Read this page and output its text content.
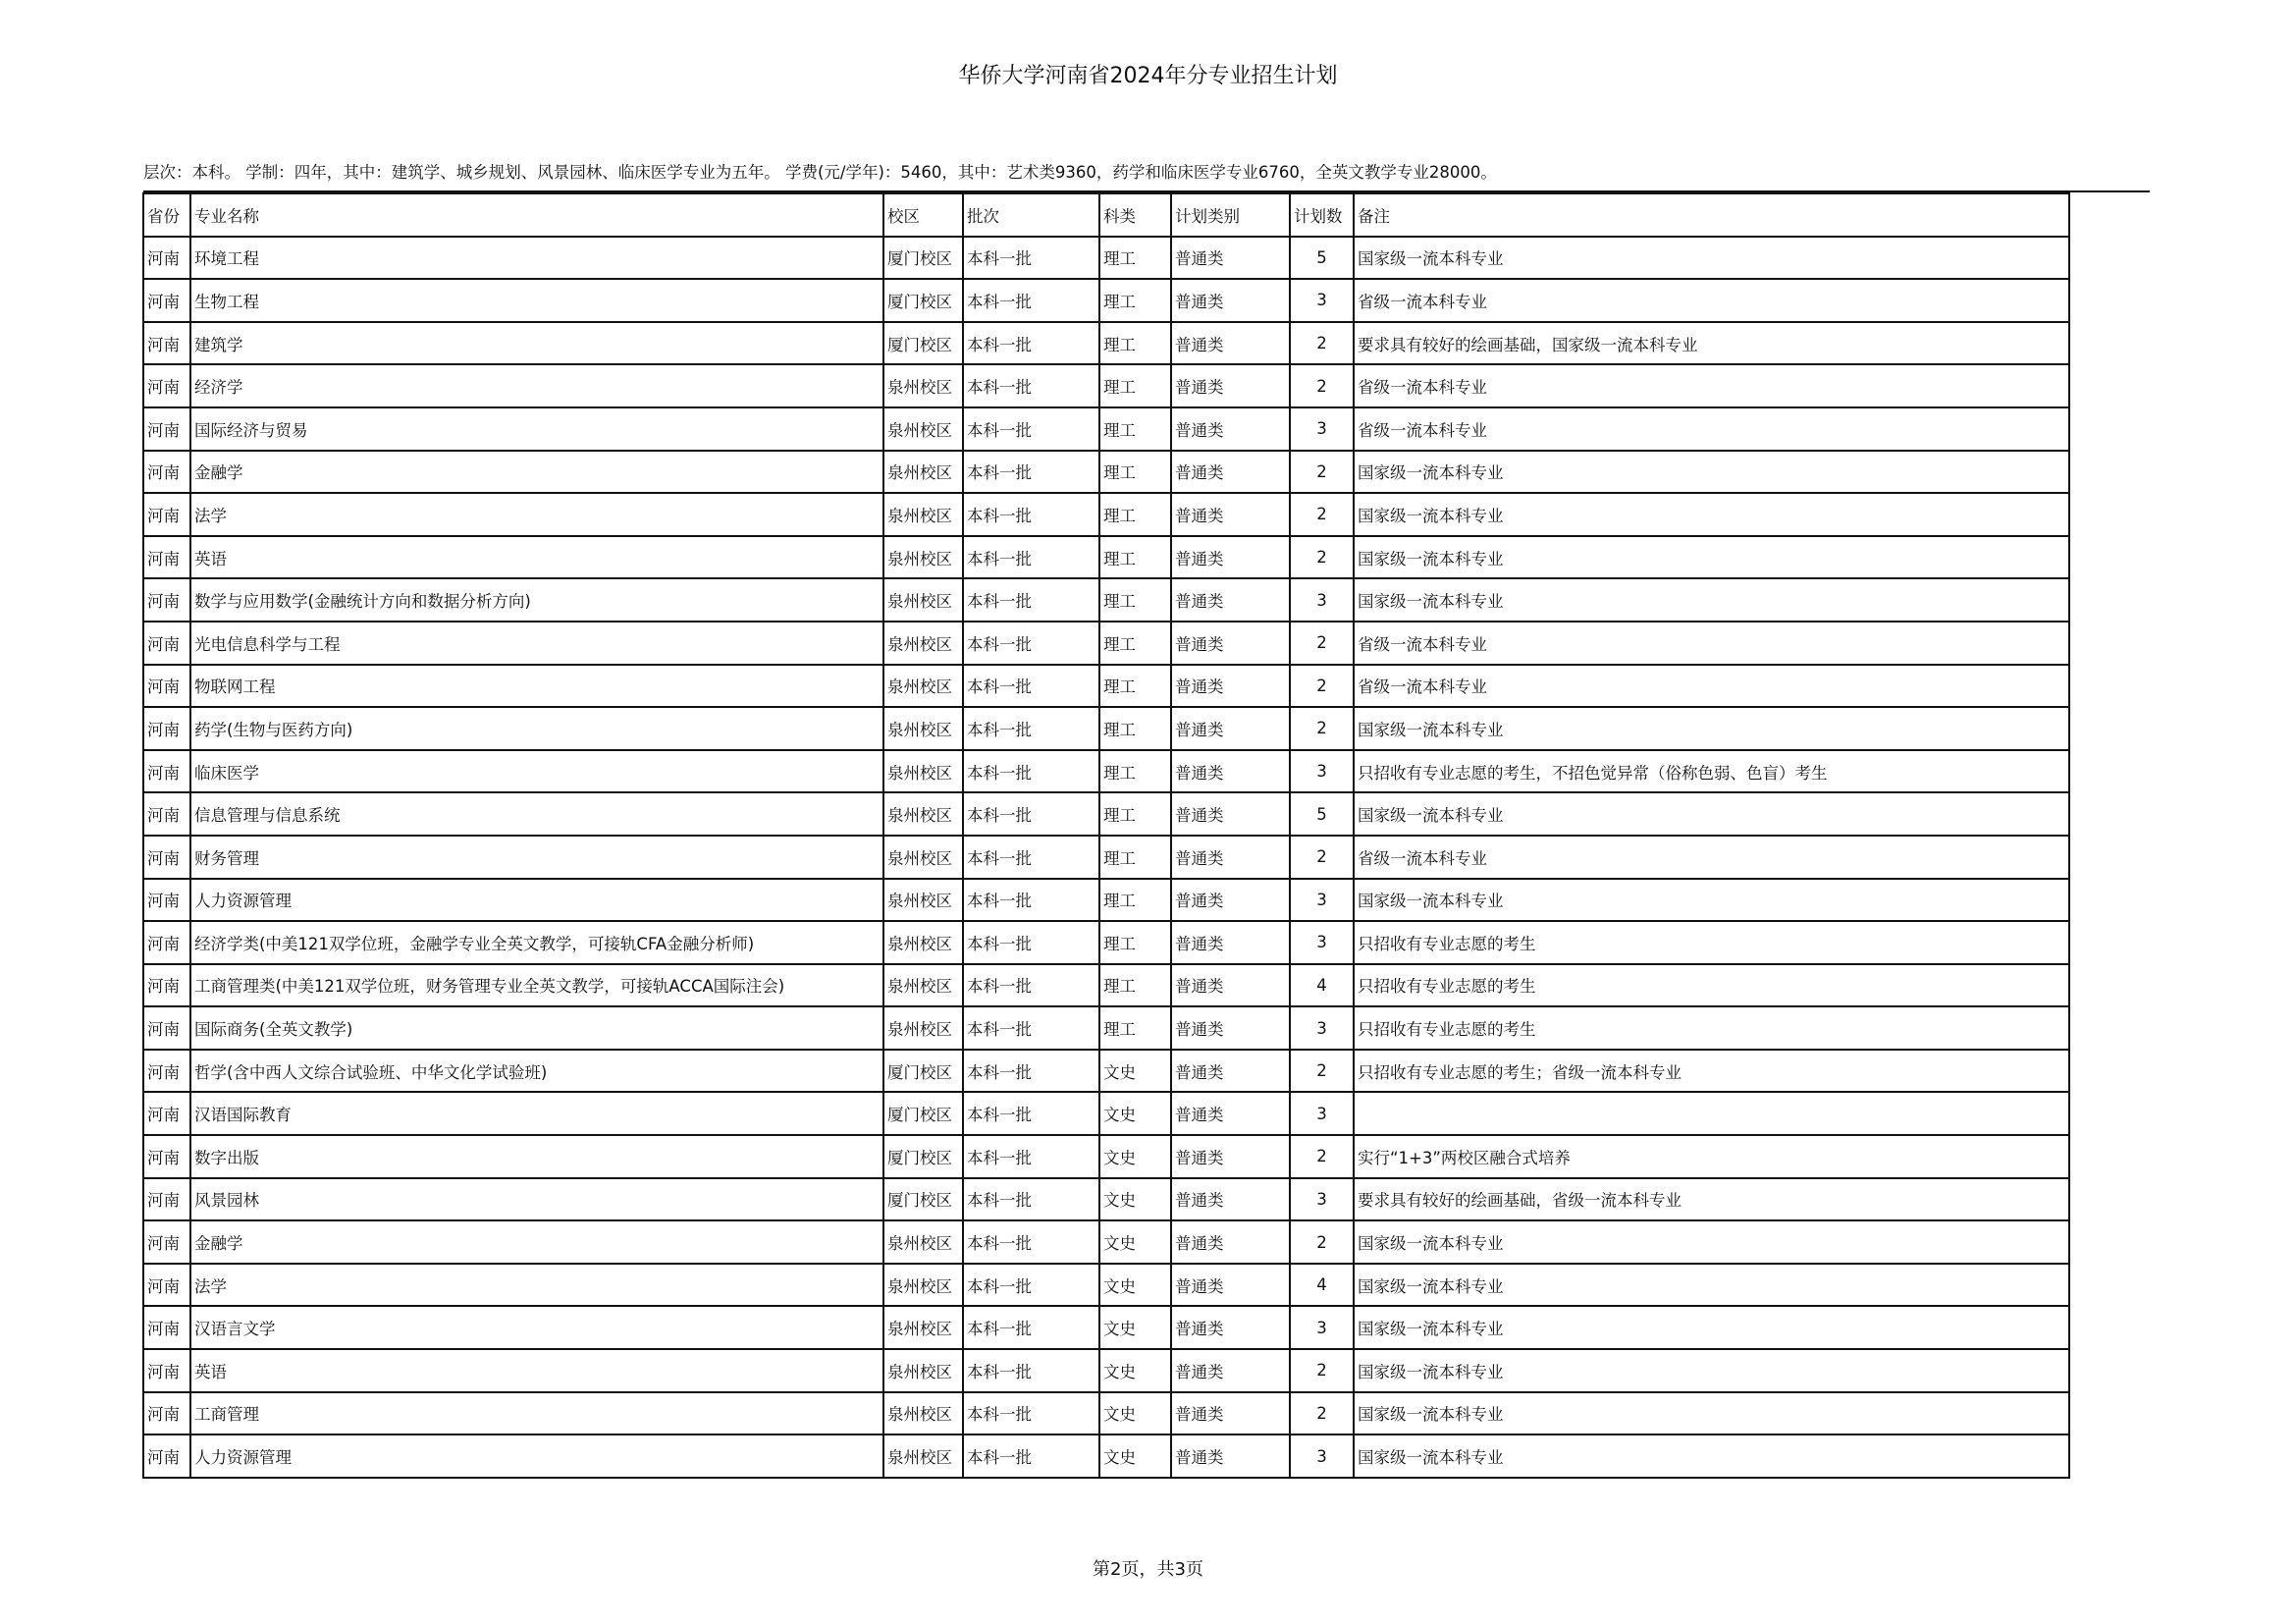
华侨大学河南省2024年分专业招生计划
层次：本科。 学制：四年，其中：建筑学、城乡规划、风景园林、临床医学专业为五年。 学费(元/学年)：5460，其中：艺术类9360，药学和临床医学专业6760，全英文教学专业28000。
省份	专业名称	校区	批次	科类	计划类别	计划数	备注
河南	环境工程	厦门校区	本科一批	理工	普通类	5	国家级一流本科专业
河南	生物工程	厦门校区	本科一批	理工	普通类	3	省级一流本科专业
河南	建筑学	厦门校区	本科一批	理工	普通类	2	要求具有较好的绘画基础，国家级一流本科专业
河南	经济学	泉州校区	本科一批	理工	普通类	2	省级一流本科专业
河南	国际经济与贸易	泉州校区	本科一批	理工	普通类	3	省级一流本科专业
河南	金融学	泉州校区	本科一批	理工	普通类	2	国家级一流本科专业
河南	法学	泉州校区	本科一批	理工	普通类	2	国家级一流本科专业
河南	英语	泉州校区	本科一批	理工	普通类	2	国家级一流本科专业
河南	数学与应用数学(金融统计方向和数据分析方向)	泉州校区	本科一批	理工	普通类	3	国家级一流本科专业
河南	光电信息科学与工程	泉州校区	本科一批	理工	普通类	2	省级一流本科专业
河南	物联网工程	泉州校区	本科一批	理工	普通类	2	省级一流本科专业
河南	药学(生物与医药方向)	泉州校区	本科一批	理工	普通类	2	国家级一流本科专业
河南	临床医学	泉州校区	本科一批	理工	普通类	3	只招收有专业志愿的考生，不招色觉异常（俗称色弱、色盲）考生
河南	信息管理与信息系统	泉州校区	本科一批	理工	普通类	5	国家级一流本科专业
河南	财务管理	泉州校区	本科一批	理工	普通类	2	省级一流本科专业
河南	人力资源管理	泉州校区	本科一批	理工	普通类	3	国家级一流本科专业
河南	经济学类(中美121双学位班，金融学专业全英文教学，可接轨CFA金融分析师)	泉州校区	本科一批	理工	普通类	3	只招收有专业志愿的考生
河南	工商管理类(中美121双学位班，财务管理专业全英文教学，可接轨ACCA国际注会)	泉州校区	本科一批	理工	普通类	4	只招收有专业志愿的考生
河南	国际商务(全英文教学)	泉州校区	本科一批	理工	普通类	3	只招收有专业志愿的考生
河南	哲学(含中西人文综合试验班、中华文化学试验班)	厦门校区	本科一批	文史	普通类	2	只招收有专业志愿的考生；省级一流本科专业
河南	汉语国际教育	厦门校区	本科一批	文史	普通类	3	
河南	数字出版	厦门校区	本科一批	文史	普通类	2	实行“1+3”两校区融合式培养
河南	风景园林	厦门校区	本科一批	文史	普通类	3	要求具有较好的绘画基础，省级一流本科专业
河南	金融学	泉州校区	本科一批	文史	普通类	2	国家级一流本科专业
河南	法学	泉州校区	本科一批	文史	普通类	4	国家级一流本科专业
河南	汉语言文学	泉州校区	本科一批	文史	普通类	3	国家级一流本科专业
河南	英语	泉州校区	本科一批	文史	普通类	2	国家级一流本科专业
河南	工商管理	泉州校区	本科一批	文史	普通类	2	国家级一流本科专业
河南	人力资源管理	泉州校区	本科一批	文史	普通类	3	国家级一流本科专业
第2页，共3页
